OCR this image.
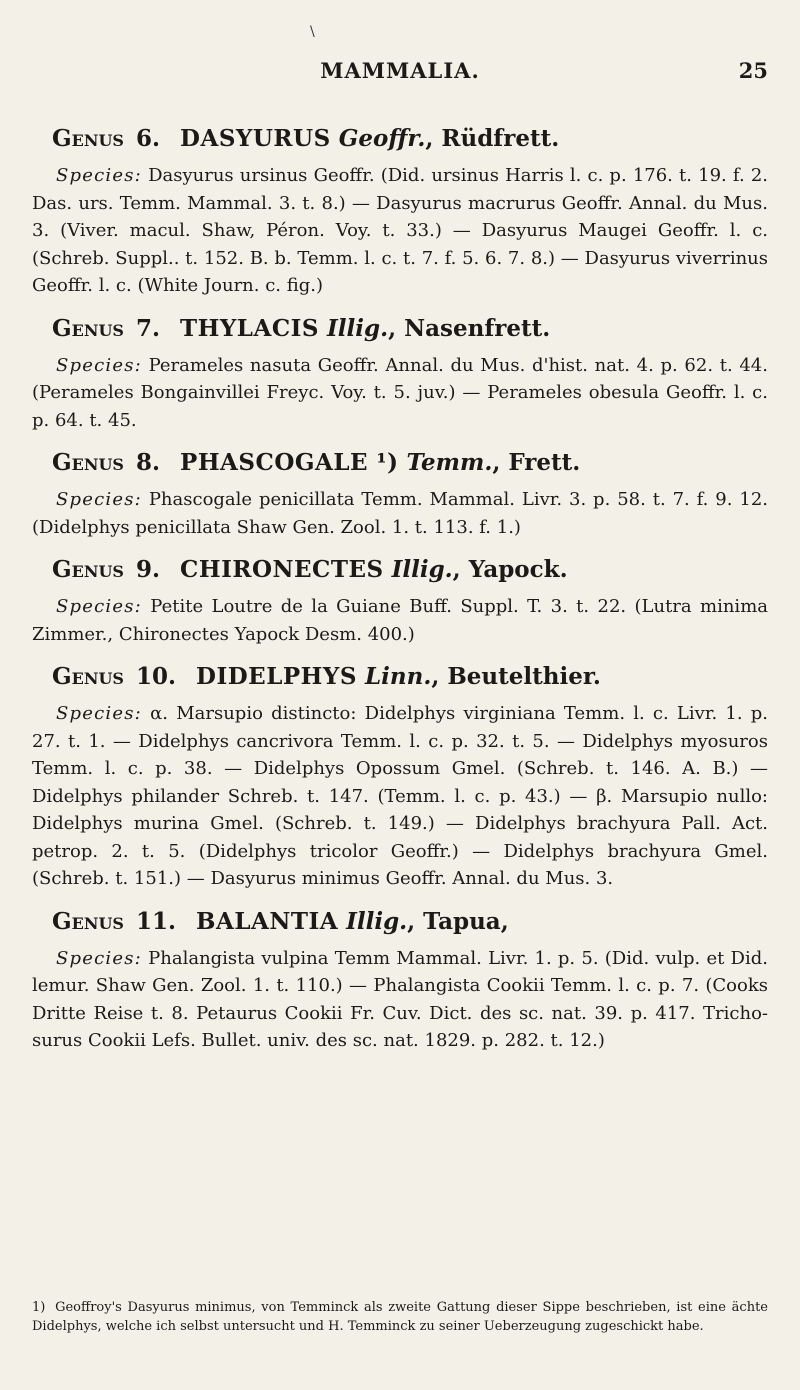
\
MAMMALIA.	25
Genus 6. DASYURUS Geoffr., Rüdfrett.

Species: Dasyurus ursinus Geoffr. (Did. ursinus Harris l. c. p. 176. t. 19. f. 2. Das. urs. Temm. Mammal. 3. t. 8.) — Dasyurus macrurus Geoffr. Annal. du Mus. 3. (Viver. macul. Shaw, Péron. Voy. t. 33.) — Dasyurus Maugei Geoffr. l. c. (Schreb. Suppl.. t. 152. B. b. Temm. l. c. t. 7. f. 5. 6. 7. 8.) — Dasyurus viverrinus Geoffr. l. c. (White Journ. c. fig.)

Genus 7. THYLACIS Illig., Nasenfrett.

Species: Perameles nasuta Geoffr. Annal. du Mus. d'hist. nat. 4. p. 62. t. 44. (Perameles Bongainvillei Freyc. Voy. t. 5. juv.) — Perameles obesula Geoffr. l. c. p. 64. t. 45.

Genus 8. PHASCOGALE ¹) Temm., Frett.

Species: Phascogale penicillata Temm. Mammal. Livr. 3. p. 58. t. 7. f. 9. 12. (Didelphys penicillata Shaw Gen. Zool. 1. t. 113. f. 1.)

Genus 9. CHIRONECTES Illig., Yapock.

Species: Petite Loutre de la Guiane Buff. Suppl. T. 3. t. 22. (Lutra minima Zimmer., Chironectes Yapock Desm. 400.)

Genus 10. DIDELPHYS Linn., Beutelthier.

Species: α. Marsupio distincto: Didelphys virginiana Temm. l. c. Livr. 1. p. 27. t. 1. — Didelphys cancrivora Temm. l. c. p. 32. t. 5. — Didelphys myosuros Temm. l. c. p. 38. — Didelphys Opossum Gmel. (Schreb. t. 146. A. B.) — Didelphys philander Schreb. t. 147. (Temm. l. c. p. 43.) — β. Marsupio nullo: Didelphys murina Gmel. (Schreb. t. 149.) — Didelphys brachyura Pall. Act. petrop. 2. t. 5. (Didelphys tricolor Geoffr.) — Didelphys brachyura Gmel. (Schreb. t. 151.) — Dasyurus minimus Geoffr. Annal. du Mus. 3.

Genus 11. BALANTIA Illig., Tapua,

Species: Phalangista vulpina Temm Mammal. Livr. 1. p. 5. (Did. vulp. et Did. lemur. Shaw Gen. Zool. 1. t. 110.) — Phalangista Cookii Temm. l. c. p. 7. (Cooks Dritte Reise t. 8. Petaurus Cookii Fr. Cuv. Dict. des sc. nat. 39. p. 417. Tricho-surus Cookii Lefs. Bullet. univ. des sc. nat. 1829. p. 282. t. 12.)

1) Geoffroy's Dasyurus minimus, von Temminck als zweite Gattung dieser Sippe beschrieben, ist eine ächte Didelphys, welche ich selbst untersucht und H. Temminck zu seiner Ueberzeugung zugeschickt habe.
